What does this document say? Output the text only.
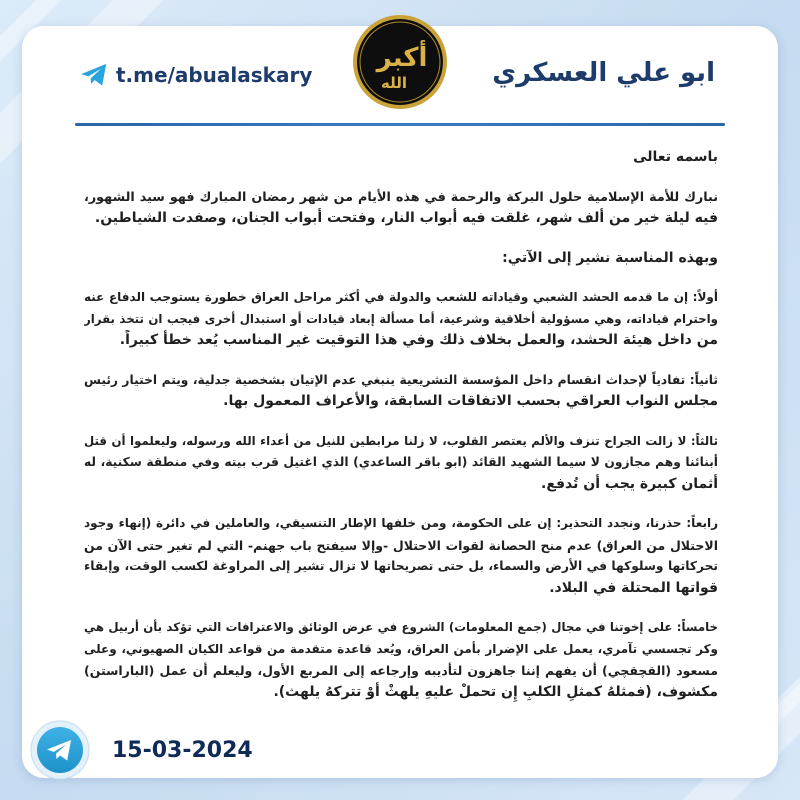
أكبر
الله
t.me/abualaskary	ابو علي العسكري
باسمه تعالى
نبارك للأمة الإسلامية حلول البركة والرحمة في هذه الأيام من شهر رمضان المبارك فهو سيد الشهور،
فيه ليلة خير من ألف شهر، غلقت فيه أبواب النار، وفتحت أبواب الجنان، وصفدت الشياطين.
وبهذه المناسبة نشير إلى الآتي:
أولاً: إن ما قدمه الحشد الشعبي وقياداته للشعب والدولة في أكثر مراحل العراق خطورة يستوجب الدفاع عنه
واحترام قياداته، وهي مسؤولية أخلاقية وشرعية، أما مسألة إبعاد قيادات أو استبدال أخرى فيجب ان تتخذ بقرار
من داخل هيئة الحشد، والعمل بخلاف ذلك وفي هذا التوقيت غير المناسب يُعد خطأً كبيراً.
ثانياً: تفادياً لإحداث انقسام داخل المؤسسة التشريعية ينبغي عدم الإتيان بشخصية جدلية، ويتم اختيار رئيس
مجلس النواب العراقي بحسب الاتفاقات السابقة، والأعراف المعمول بها.
ثالثاً: لا زالت الجراح تنزف والألم يعتصر القلوب، لا زلنا مرابطين للنيل من أعداء الله ورسوله، وليعلموا أن قتل
أبنائنا وهم مجازون لا سيما الشهيد القائد (ابو باقر الساعدي) الذي اغتيل قرب بيته وفي منطقة سكنية، له
أثمان كبيرة يجب أن تُدفع.
رابعاً: حذرنا، ونجدد التحذير: إن على الحكومة، ومن خلفها الإطار التنسيقي، والعاملين في دائرة (إنهاء وجود
الاحتلال من العراق) عدم منح الحصانة لقوات الاحتلال -وإلا سيفتح باب جهنم- التي لم تغير حتى الآن من
تحركاتها وسلوكها في الأرض والسماء، بل حتى تصريحاتها لا تزال تشير إلى المراوغة لكسب الوقت، وإبقاء
قواتها المحتلة في البلاد.
خامساً: على إخوتنا في مجال (جمع المعلومات) الشروع في عرض الوثائق والاعترافات التي تؤكد بأن أربيل هي
وكر تجسسي تآمري، يعمل على الإضرار بأمن العراق، ويُعد قاعدة متقدمة من قواعد الكيان الصهيوني، وعلى
مسعود (القچقچي) أن يفهم إننا جاهزون لتأديبه وإرجاعه إلى المربع الأول، وليعلم أن عمل (الباراستن)
مكشوف، (فمثلهُ كمثلِ الكلبِ إِن تحملْ عليهِ يلهثْ أَوْ تتركهُ يلهث).
15-03-2024
